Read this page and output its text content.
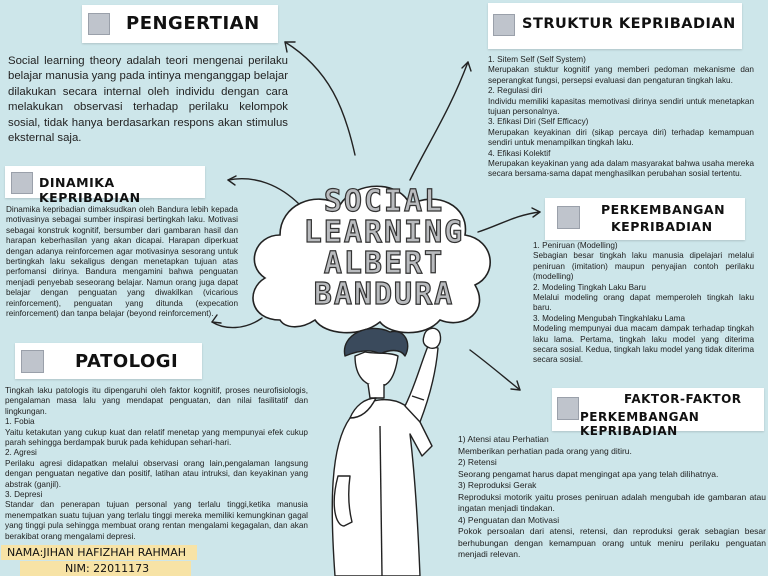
SOCIAL
LEARNING
ALBERT
BANDURA
PENGERTIAN
Social learning theory adalah teori mengenai perilaku belajar manusia yang pada intinya menganggap belajar dilakukan secara internal oleh individu dengan cara melakukan observasi terhadap perilaku kelompok sosial, tidak hanya berdasarkan respons akan stimulus eksternal saja.
DINAMIKA KEPRIBADIAN
Dinamika kepribadian dimaksudkan oleh Bandura lebih kepada motivasinya sebagai sumber inspirasi bertingkah laku. Motivasi sebagai konstruk kognitif, bersumber dari gambaran hasil dan harapan keberhasilan yang akan dicapai. Harapan diperkuat dengan adanya reinforcemen agar motivasinya sesorang untuk bertingkah laku sekaligus dengan menetapkan tujuan atas perfomansi dirinya. Bandura mengamini bahwa penguatan menjadi penyebab seseorang belajar. Namun orang juga dapat belajar dengan penguatan yang diwakilkan (vicarious reinforcement), penguatan yang ditunda (expecation reinforcement) dan tanpa belajar (beyond reinforcement).
PATOLOGI

Tingkah laku patologis itu dipengaruhi oleh faktor kognitif, proses neurofisiologis, pengalaman masa lalu yang mendapat penguatan, dan nilai fasilitatif dan lingkungan.

1. Fobia

Yaitu ketakutan yang cukup kuat dan relatif menetap yang mempunyai efek cukup parah sehingga berdampak buruk pada kehidupan sehari-hari.

2. Agresi

Perilaku agresi didapatkan melalui observasi orang lain,pengalaman langsung dengan penguatan negative dan positif, latihan atau intruksi, dan keyakinan yang abstrak (ganjil).

3. Depresi

Standar dan penerapan tujuan personal yang terlalu tinggi,ketika manusia menempatkan suatu tujuan yang terlalu tinggi mereka memiliki kemungkinan gagal yang tinggi pula sehingga membuat orang rentan mengalami kegagalan, dan akan berakibat orang mengalami depresi.

STRUKTUR KEPRIBADIAN

1. Sitem Self (Self System)

Merupakan stuktur kognitif yang memberi pedoman mekanisme dan seperangkat fungsi, persepsi evaluasi dan pengaturan tingkah laku.

2. Regulasi diri

Individu memiliki kapasitas memotivasi dirinya sendiri untuk menetapkan tujuan personalnya.

3. Efikasi Diri (Self Efficacy)

Merupakan keyakinan diri (sikap percaya diri) terhadap kemampuan sendiri untuk menampilkan tingkah laku.

4. Efikasi Kolektif

Merupakan keyakinan yang ada dalam masyarakat bahwa usaha mereka secara bersama-sama dapat menghasilkan perubahan sosial tertentu.

PERKEMBANGAN
KEPRIBADIAN

1. Peniruan (Modelling)

Sebagian besar tingkah laku manusia dipelajari melalui peniruan (imitation) maupun penyajian contoh perilaku (modelling)

2. Modeling Tingkah Laku Baru

Melalui modeling orang dapat memperoleh tingkah laku baru.

3. Modeling Mengubah Tingkahlaku Lama

Modeling mempunyai dua macam dampak terhadap tingkah laku lama. Pertama, tingkah laku model yang diterima secara sosial. Kedua, tingkah laku model yang tidak diterima secara sosial.

FAKTOR-FAKTOR
PERKEMBANGAN KEPRIBADIAN

1) Atensi atau Perhatian

Memberikan perhatian pada orang yang ditiru.

2) Retensi

Seorang pengamat harus dapat mengingat apa yang telah dilihatnya.

3) Reproduksi Gerak

Reproduksi motorik yaitu proses peniruan adalah mengubah ide gambaran atau ingatan menjadi tindakan.

4) Penguatan dan Motivasi

Pokok persoalan dari atensi, retensi, dan reproduksi gerak sebagian besar berhubungan dengan kemampuan orang untuk meniru perilaku penguatan menjadi relevan.

NAMA:JIHAN HAFIZHAH RAHMAH
NIM: 22011173
